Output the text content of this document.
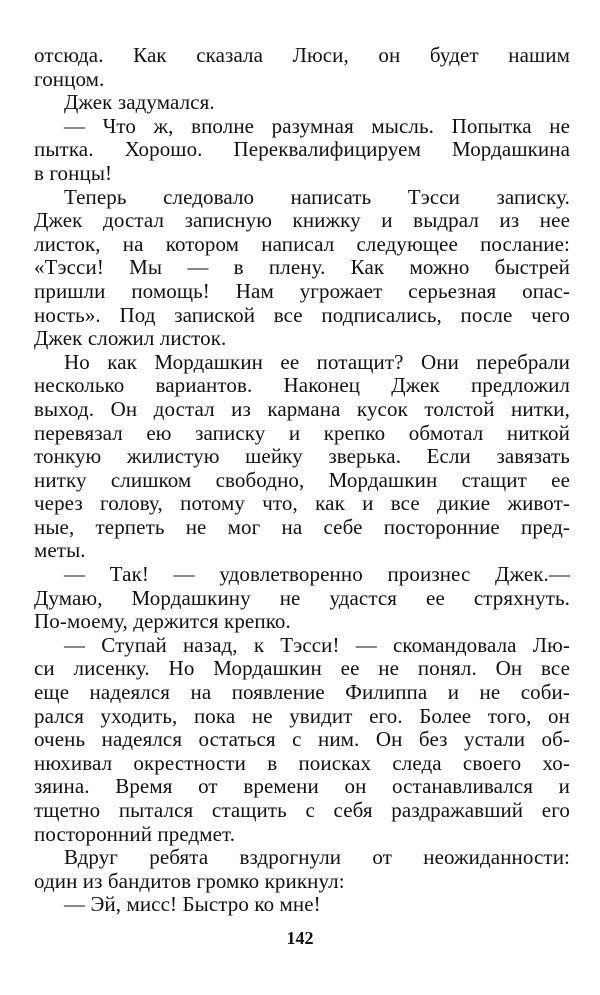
отсюда. Как сказала Люси, он будет нашим
гонцом.
Джек задумался.
— Что ж, вполне разумная мысль. Попытка не
пытка. Хорошо. Переквалифицируем Мордашкина
в гонцы!
Теперь следовало написать Тэсси записку.
Джек достал записную книжку и выдрал из нее
листок, на котором написал следующее послание:
«Тэсси! Мы — в плену. Как можно быстрей
пришли помощь! Нам угрожает серьезная опас-
ность». Под запиской все подписались, после чего
Джек сложил листок.
Но как Мордашкин ее потащит? Они перебрали
несколько вариантов. Наконец Джек предложил
выход. Он достал из кармана кусок толстой нитки,
перевязал ею записку и крепко обмотал ниткой
тонкую жилистую шейку зверька. Если завязать
нитку слишком свободно, Мордашкин стащит ее
через голову, потому что, как и все дикие живот-
ные, терпеть не мог на себе посторонние пред-
меты.
— Так! — удовлетворенно произнес Джек.—
Думаю, Мордашкину не удастся ее стряхнуть.
По-моему, держится крепко.
— Ступай назад, к Тэсси! — скомандовала Лю-
си лисенку. Но Мордашкин ее не понял. Он все
еще надеялся на появление Филиппа и не соби-
рался уходить, пока не увидит его. Более того, он
очень надеялся остаться с ним. Он без устали об-
нюхивал окрестности в поисках следа своего хо-
зяина. Время от времени он останавливался и
тщетно пытался стащить с себя раздражавший его
посторонний предмет.
Вдруг ребята вздрогнули от неожиданности:
один из бандитов громко крикнул:
— Эй, мисс! Быстро ко мне!
142
